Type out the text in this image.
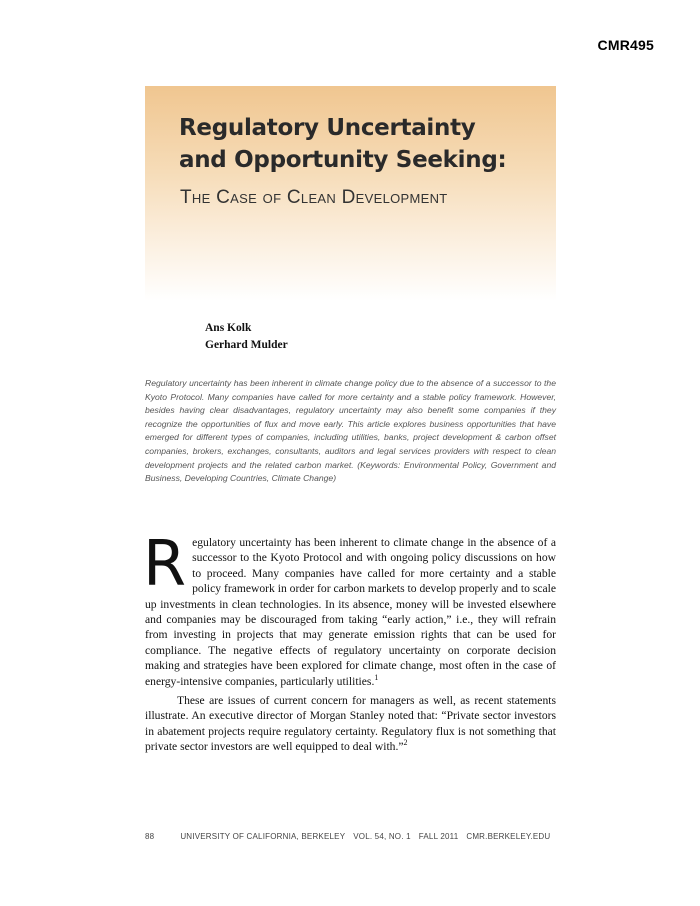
CMR495
Regulatory Uncertainty
and Opportunity Seeking:
The Case of Clean Development
Ans Kolk
Gerhard Mulder
Regulatory uncertainty has been inherent in climate change policy due to the absence of a successor to the Kyoto Protocol. Many companies have called for more certainty and a stable policy framework. However, besides having clear disadvantages, regulatory uncertainty may also benefit some companies if they recognize the opportunities of flux and move early. This article explores business opportunities that have emerged for different types of companies, including utilities, banks, project development & carbon offset companies, brokers, exchanges, consultants, auditors and legal services providers with respect to clean development projects and the related carbon market. (Keywords: Environmental Policy, Government and Business, Developing Countries, Climate Change)

Regulatory uncertainty has been inherent to climate change in the absence of a successor to the Kyoto Protocol and with ongoing policy discussions on how to proceed. Many companies have called for more certainty and a stable policy framework in order for carbon markets to develop properly and to scale up investments in clean technologies. In its absence, money will be invested elsewhere and companies may be discouraged from taking “early action,” i.e., they will refrain from investing in projects that may generate emission rights that can be used for compliance. The negative effects of regulatory uncertainty on corporate decision making and strategies have been explored for climate change, most often in the case of energy-intensive companies, particularly utilities.$^1$

These are issues of current concern for managers as well, as recent statements illustrate. An executive director of Morgan Stanley noted that: “Private sector investors in abatement projects require regulatory certainty. Regulatory flux is not something that private sector investors are well equipped to deal with.”$^2$

88	UNIVERSITY OF CALIFORNIA, BERKELEY VOL. 54, NO. 1 FALL 2011 CMR.BERKELEY.EDU
